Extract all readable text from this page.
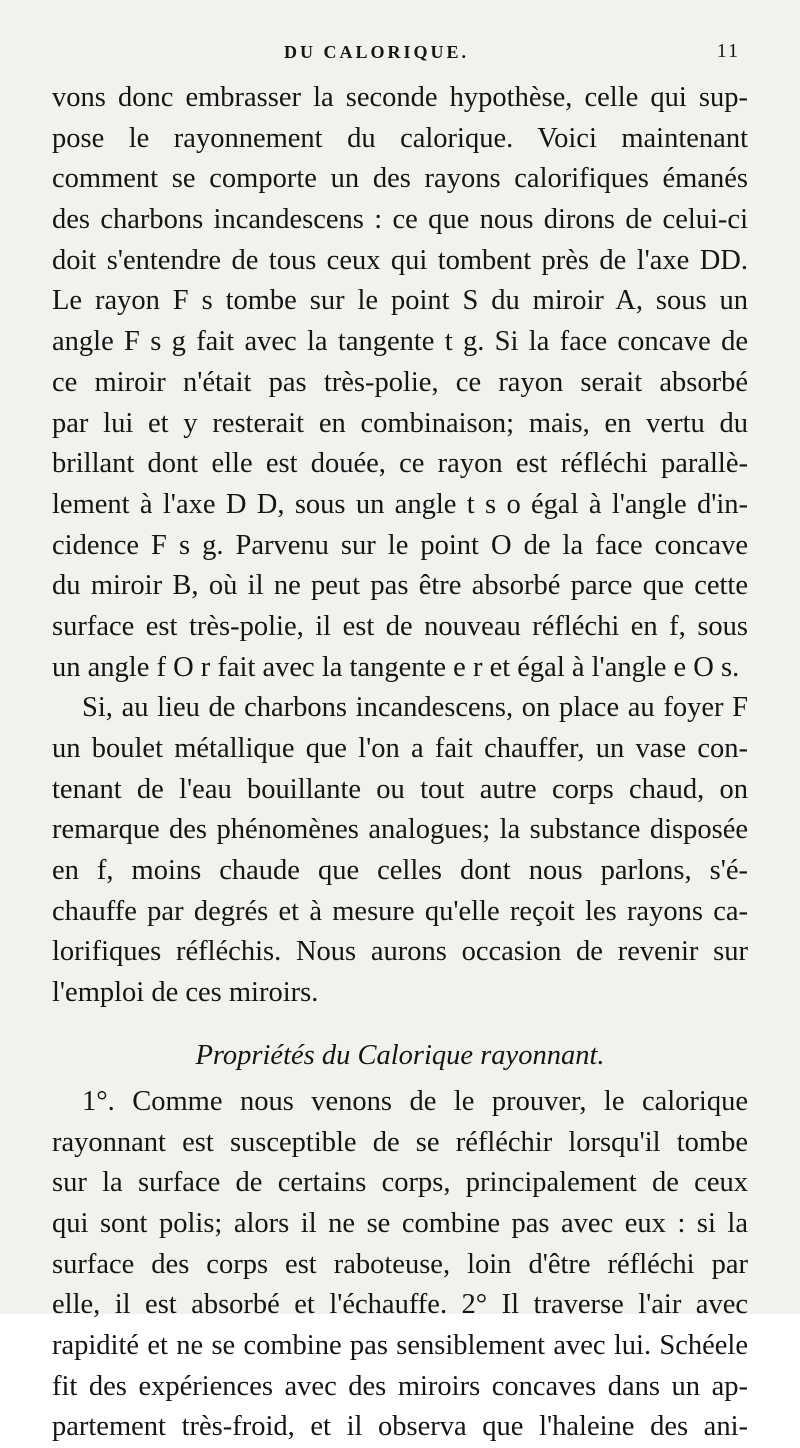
DU CALORIQUE.	11
vons donc embrasser la seconde hypothèse, celle qui sup-
pose le rayonnement du calorique. Voici maintenant
comment se comporte un des rayons calorifiques émanés
des charbons incandescens : ce que nous dirons de celui-ci
doit s'entendre de tous ceux qui tombent près de l'axe DD.
Le rayon F s tombe sur le point S du miroir A, sous un
angle F s g fait avec la tangente t g. Si la face concave de
ce miroir n'était pas très-polie, ce rayon serait absorbé
par lui et y resterait en combinaison; mais, en vertu du
brillant dont elle est douée, ce rayon est réfléchi parallè-
lement à l'axe D D, sous un angle t s o égal à l'angle d'in-
cidence F s g. Parvenu sur le point O de la face concave
du miroir B, où il ne peut pas être absorbé parce que cette
surface est très-polie, il est de nouveau réfléchi en f, sous
un angle f O r fait avec la tangente e r et égal à l'angle e O s.
Si, au lieu de charbons incandescens, on place au foyer F
un boulet métallique que l'on a fait chauffer, un vase con-
tenant de l'eau bouillante ou tout autre corps chaud, on
remarque des phénomènes analogues; la substance disposée
en f, moins chaude que celles dont nous parlons, s'é-
chauffe par degrés et à mesure qu'elle reçoit les rayons ca-
lorifiques réfléchis. Nous aurons occasion de revenir sur
l'emploi de ces miroirs.
Propriétés du Calorique rayonnant.
1°. Comme nous venons de le prouver, le calorique
rayonnant est susceptible de se réfléchir lorsqu'il tombe
sur la surface de certains corps, principalement de ceux
qui sont polis; alors il ne se combine pas avec eux : si la
surface des corps est raboteuse, loin d'être réfléchi par
elle, il est absorbé et l'échauffe. 2° Il traverse l'air avec
rapidité et ne se combine pas sensiblement avec lui. Schéele
fit des expériences avec des miroirs concaves dans un ap-
partement très-froid, et il observa que l'haleine des ani-
